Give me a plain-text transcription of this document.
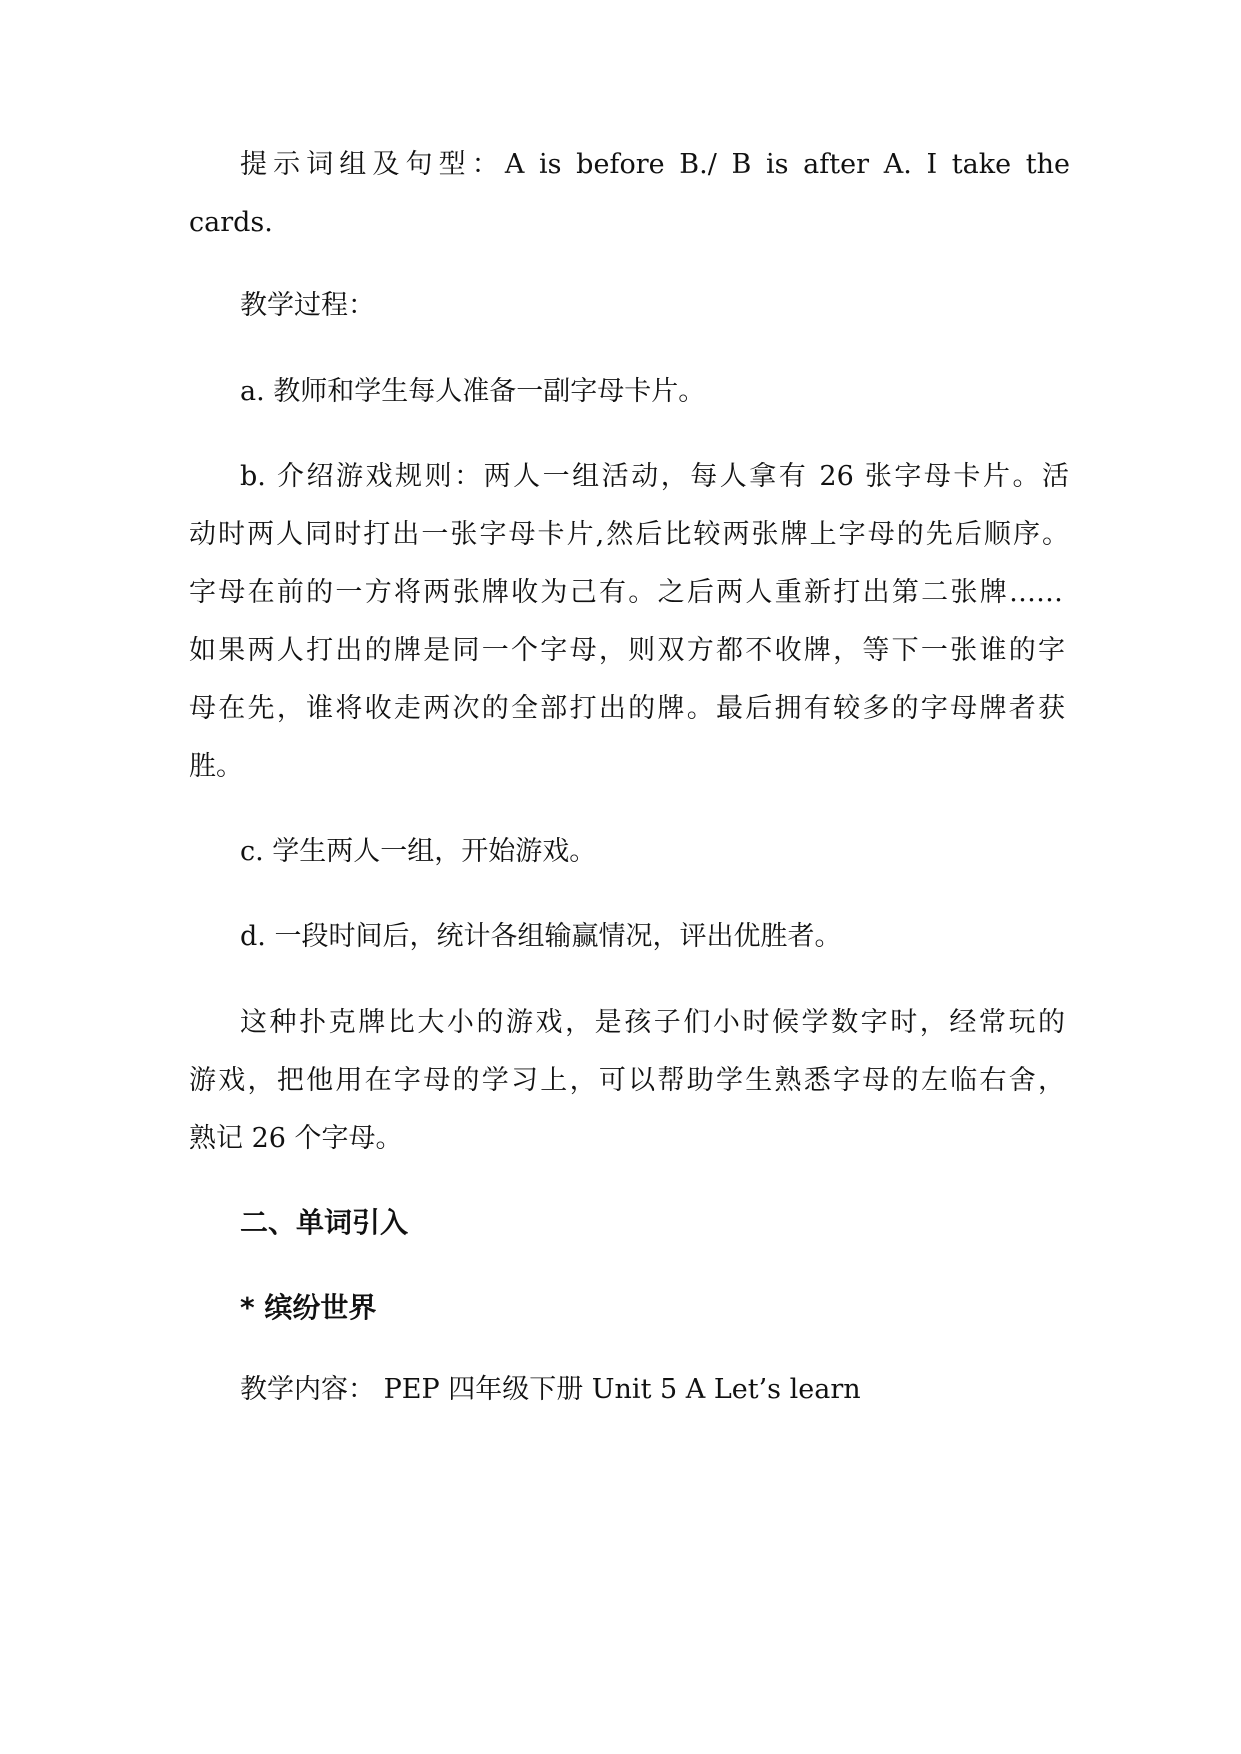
提示词组及句型：A is before B./ B is after A. I take the
cards.
教学过程：
a. 教师和学生每人准备一副字母卡片。
b. 介绍游戏规则：两人一组活动，每人拿有 26 张字母卡片。活
动时两人同时打出一张字母卡片,然后比较两张牌上字母的先后顺序。
字母在前的一方将两张牌收为己有。之后两人重新打出第二张牌……
如果两人打出的牌是同一个字母，则双方都不收牌，等下一张谁的字
母在先，谁将收走两次的全部打出的牌。最后拥有较多的字母牌者获
胜。
c. 学生两人一组，开始游戏。
d. 一段时间后，统计各组输赢情况，评出优胜者。
这种扑克牌比大小的游戏，是孩子们小时候学数字时，经常玩的
游戏，把他用在字母的学习上，可以帮助学生熟悉字母的左临右舍，
熟记 26 个字母。
二、单词引入
* 缤纷世界
教学内容： PEP 四年级下册 Unit 5 A Let’s learn
